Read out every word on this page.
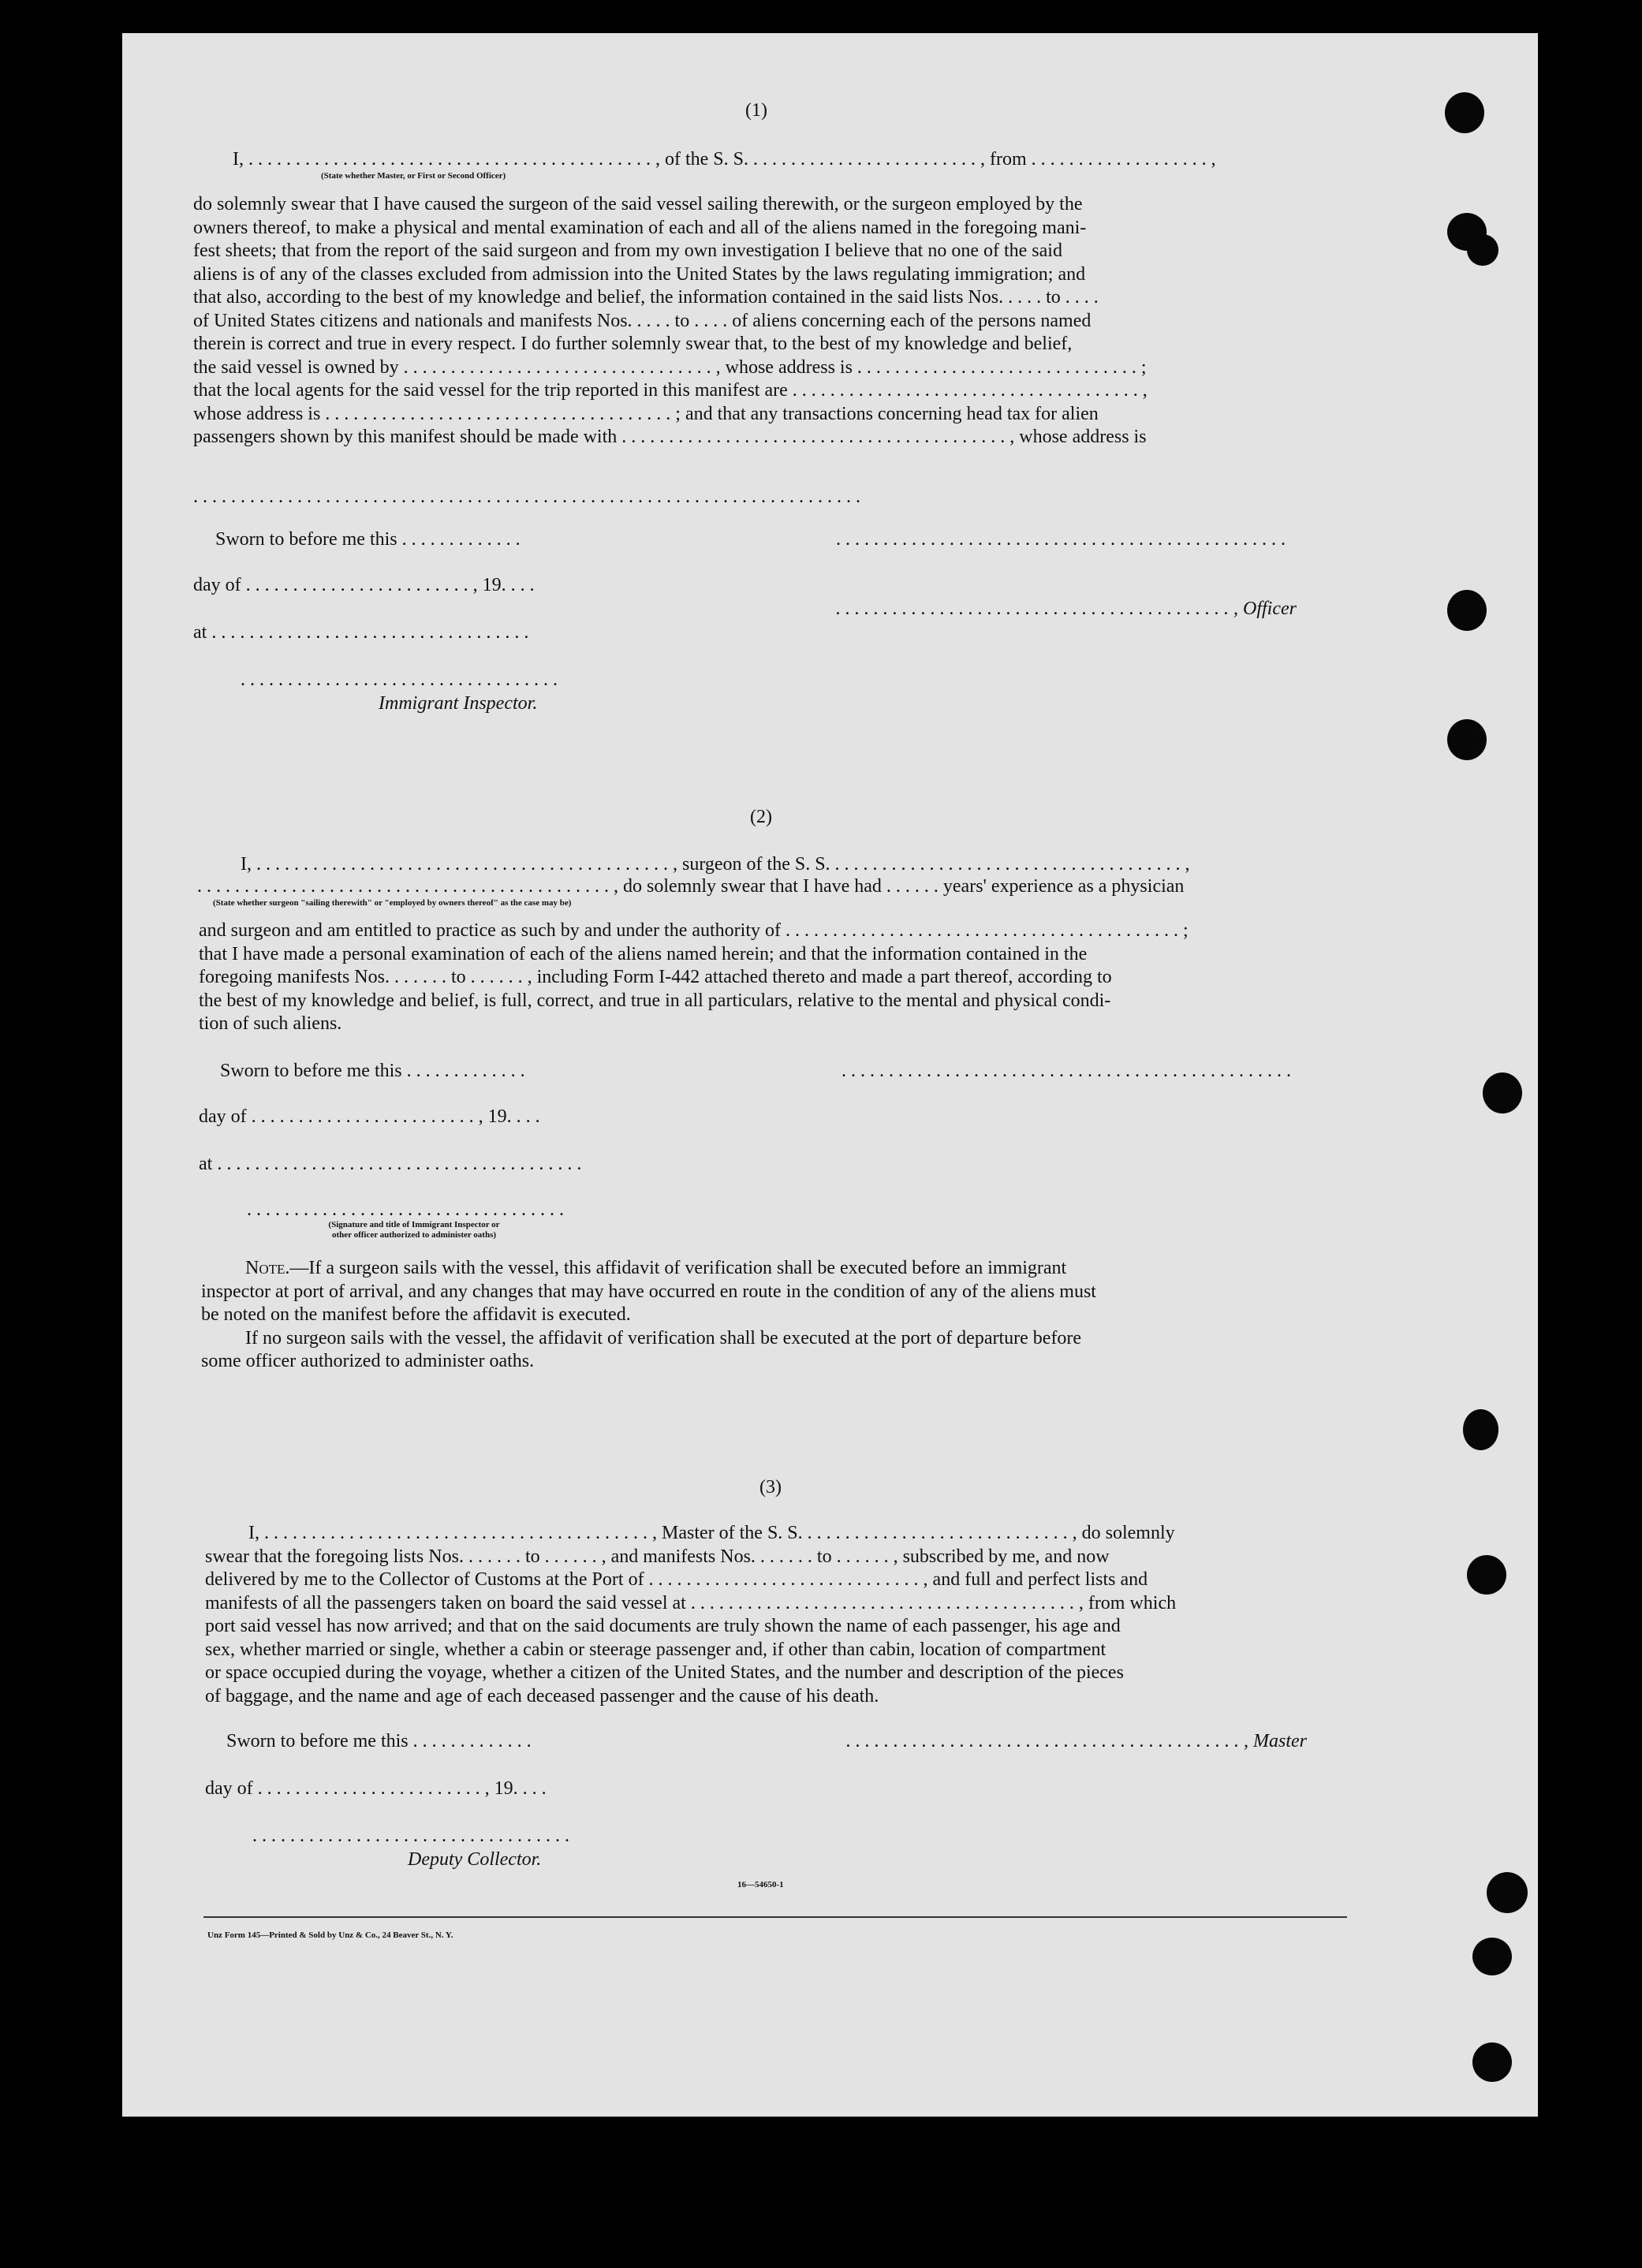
(1)

I, . . . . . . . . . . . . . . . . . . . . . . . . . . . . . . . . . . . . . . . . . . . , of the S. S. . . . . . . . . . . . . . . . . . . . . . . . . , from . . . . . . . . . . . . . . . . . . . ,

(State whether Master, or First or Second Officer)

do solemnly swear that I have caused the surgeon of the said vessel sailing therewith, or the surgeon employed by the
owners thereof, to make a physical and mental examination of each and all of the aliens named in the foregoing mani-
fest sheets; that from the report of the said surgeon and from my own investigation I believe that no one of the said
aliens is of any of the classes excluded from admission into the United States by the laws regulating immigration; and
that also, according to the best of my knowledge and belief, the information contained in the said lists Nos. . . . . to . . . .
of United States citizens and nationals and manifests Nos. . . . . to . . . . of aliens concerning each of the persons named
therein is correct and true in every respect. I do further solemnly swear that, to the best of my knowledge and belief,
the said vessel is owned by . . . . . . . . . . . . . . . . . . . . . . . . . . . . . . . . . , whose address is . . . . . . . . . . . . . . . . . . . . . . . . . . . . . . ;
that the local agents for the said vessel for the trip reported in this manifest are . . . . . . . . . . . . . . . . . . . . . . . . . . . . . . . . . . . . . ,
whose address is . . . . . . . . . . . . . . . . . . . . . . . . . . . . . . . . . . . . . ; and that any transactions concerning head tax for alien
passengers shown by this manifest should be made with . . . . . . . . . . . . . . . . . . . . . . . . . . . . . . . . . . . . . . . . . , whose address is

. . . . . . . . . . . . . . . . . . . . . . . . . . . . . . . . . . . . . . . . . . . . . . . . . . . . . . . . . . . . . . . . . . . . . . .

Sworn to before me this . . . . . . . . . . . . .	. . . . . . . . . . . . . . . . . . . . . . . . . . . . . . . . . . . . . . . . . . . . . . . .

day of . . . . . . . . . . . . . . . . . . . . . . . . , 19. . . .

. . . . . . . . . . . . . . . . . . . . . . . . . . . . . . . . . . . . . . . . . . , Officer

at . . . . . . . . . . . . . . . . . . . . . . . . . . . . . . . . . .

. . . . . . . . . . . . . . . . . . . . . . . . . . . . . . . . . .

Immigrant Inspector.

(2)

I, . . . . . . . . . . . . . . . . . . . . . . . . . . . . . . . . . . . . . . . . . . . . , surgeon of the S. S. . . . . . . . . . . . . . . . . . . . . . . . . . . . . . . . . . . . . . ,

. . . . . . . . . . . . . . . . . . . . . . . . . . . . . . . . . . . . . . . . . . . . , do solemnly swear that I have had . . . . . . years' experience as a physician

(State whether surgeon "sailing therewith" or "employed by owners thereof" as the case may be)

and surgeon and am entitled to practice as such by and under the authority of . . . . . . . . . . . . . . . . . . . . . . . . . . . . . . . . . . . . . . . . . . ;
that I have made a personal examination of each of the aliens named herein; and that the information contained in the
foregoing manifests Nos. . . . . . . to . . . . . . , including Form I-442 attached thereto and made a part thereof, according to
the best of my knowledge and belief, is full, correct, and true in all particulars, relative to the mental and physical condi-
tion of such aliens.

Sworn to before me this . . . . . . . . . . . . .	. . . . . . . . . . . . . . . . . . . . . . . . . . . . . . . . . . . . . . . . . . . . . . . .

day of . . . . . . . . . . . . . . . . . . . . . . . . , 19. . . .

at . . . . . . . . . . . . . . . . . . . . . . . . . . . . . . . . . . . . . . .

. . . . . . . . . . . . . . . . . . . . . . . . . . . . . . . . . .

(Signature and title of Immigrant Inspector or

other officer authorized to administer oaths)

Note.—If a surgeon sails with the vessel, this affidavit of verification shall be executed before an immigrant
inspector at port of arrival, and any changes that may have occurred en route in the condition of any of the aliens must
be noted on the manifest before the affidavit is executed.
If no surgeon sails with the vessel, the affidavit of verification shall be executed at the port of departure before
some officer authorized to administer oaths.

(3)

I, . . . . . . . . . . . . . . . . . . . . . . . . . . . . . . . . . . . . . . . . . , Master of the S. S. . . . . . . . . . . . . . . . . . . . . . . . . . . . . , do solemnly
swear that the foregoing lists Nos. . . . . . . to . . . . . . , and manifests Nos. . . . . . . to . . . . . . , subscribed by me, and now
delivered by me to the Collector of Customs at the Port of . . . . . . . . . . . . . . . . . . . . . . . . . . . . . , and full and perfect lists and
manifests of all the passengers taken on board the said vessel at . . . . . . . . . . . . . . . . . . . . . . . . . . . . . . . . . . . . . . . . . , from which
port said vessel has now arrived; and that on the said documents are truly shown the name of each passenger, his age and
sex, whether married or single, whether a cabin or steerage passenger and, if other than cabin, location of compartment
or space occupied during the voyage, whether a citizen of the United States, and the number and description of the pieces
of baggage, and the name and age of each deceased passenger and the cause of his death.

Sworn to before me this . . . . . . . . . . . . .	. . . . . . . . . . . . . . . . . . . . . . . . . . . . . . . . . . . . . . . . . . , Master

day of . . . . . . . . . . . . . . . . . . . . . . . . , 19. . . .

. . . . . . . . . . . . . . . . . . . . . . . . . . . . . . . . . .

Deputy Collector.

16—54650-1

Unz Form 145—Printed & Sold by Unz & Co., 24 Beaver St., N. Y.
